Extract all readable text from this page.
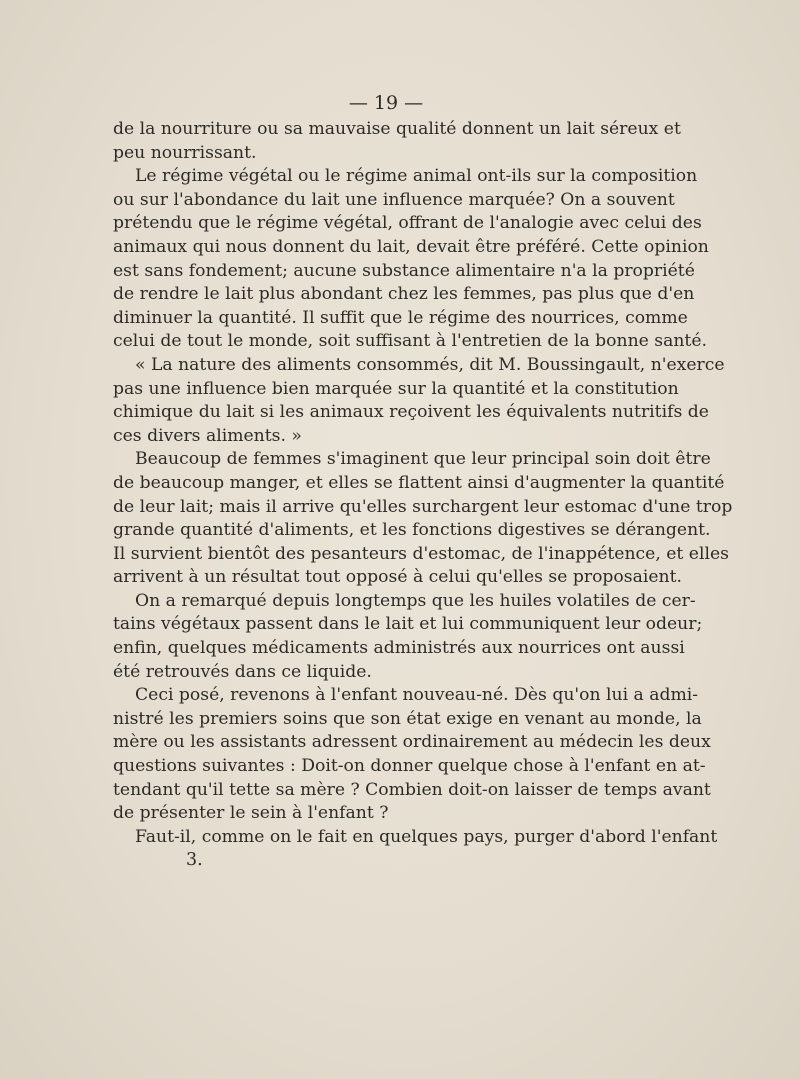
— 19 —
de la nourriture ou sa mauvaise qualité donnent un lait séreux et
peu nourrissant.
Le régime végétal ou le régime animal ont-ils sur la composition
ou sur l'abondance du lait une influence marquée? On a souvent
prétendu que le régime végétal, offrant de l'analogie avec celui des
animaux qui nous donnent du lait, devait être préféré. Cette opinion
est sans fondement; aucune substance alimentaire n'a la propriété
de rendre le lait plus abondant chez les femmes, pas plus que d'en
diminuer la quantité. Il suffit que le régime des nourrices, comme
celui de tout le monde, soit suffisant à l'entretien de la bonne santé.
« La nature des aliments consommés, dit M. Boussingault, n'exerce
pas une influence bien marquée sur la quantité et la constitution
chimique du lait si les animaux reçoivent les équivalents nutritifs de
ces divers aliments. »
Beaucoup de femmes s'imaginent que leur principal soin doit être
de beaucoup manger, et elles se flattent ainsi d'augmenter la quantité
de leur lait; mais il arrive qu'elles surchargent leur estomac d'une trop
grande quantité d'aliments, et les fonctions digestives se dérangent.
Il survient bientôt des pesanteurs d'estomac, de l'inappétence, et elles
arrivent à un résultat tout opposé à celui qu'elles se proposaient.
On a remarqué depuis longtemps que les huiles volatiles de cer-
tains végétaux passent dans le lait et lui communiquent leur odeur;
enfin, quelques médicaments administrés aux nourrices ont aussi
été retrouvés dans ce liquide.
Ceci posé, revenons à l'enfant nouveau-né. Dès qu'on lui a admi-
nistré les premiers soins que son état exige en venant au monde, la
mère ou les assistants adressent ordinairement au médecin les deux
questions suivantes : Doit-on donner quelque chose à l'enfant en at-
tendant qu'il tette sa mère ? Combien doit-on laisser de temps avant
de présenter le sein à l'enfant ?
Faut-il, comme on le fait en quelques pays, purger d'abord l'enfant
3.
